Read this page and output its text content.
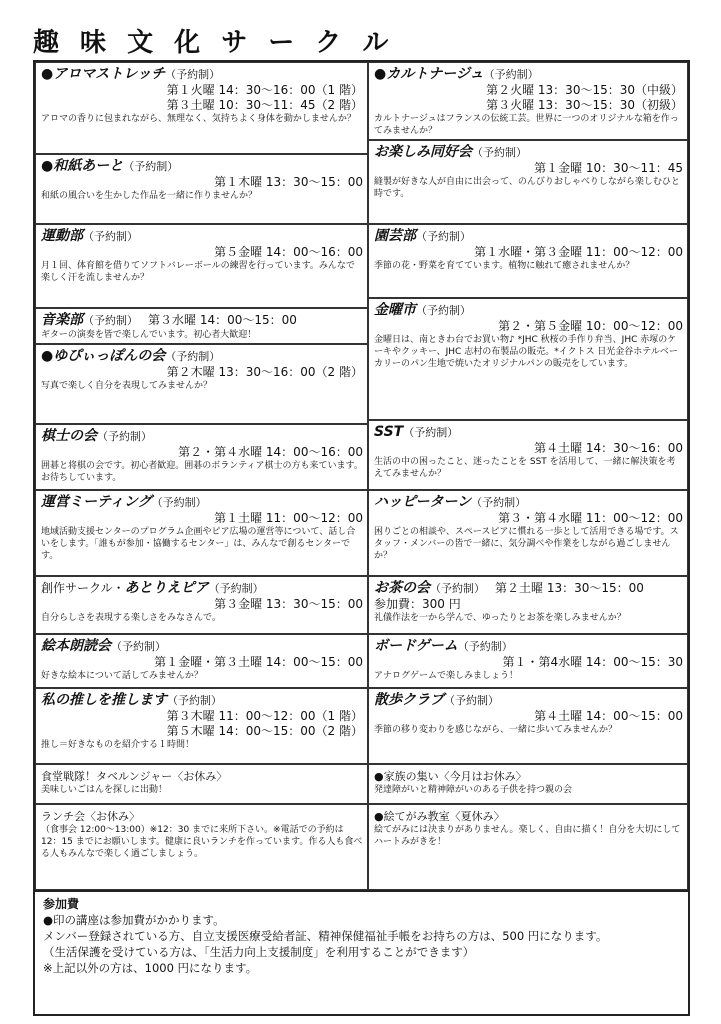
趣 味 文 化 サ ー ク ル
参加費
●印の講座は参加費がかかります。
メンバー登録されている方、自立支援医療受給者証、精神保健福祉手帳をお持ちの方は、500 円になります。
（生活保護を受けている方は、「生活力向上支援制度」を利用することができます）
※上記以外の方は、1000 円になります。
●アロマストレッチ（予約制）
第１火曜 14：30〜16：00（1 階）
第３土曜 10：30〜11：45（2 階）
アロマの香りに包まれながら、無理なく、気持ちよく身体を動かしませんか？
●和紙あーと（予約制）
第１木曜 13：30〜15：00
和紙の風合いを生かした作品を一緒に作りませんか？
運動部（予約制）
第５金曜 14：00〜16：00
月１回、体育館を借りてソフトバレーボールの練習を行っています。みんなで楽しく汗を流しませんか？
音楽部（予約制） 第３水曜 14：00〜15：00
ギターの演奏を皆で楽しんでいます。初心者大歓迎！
●ゆぴぃっぽんの会（予約制）
第２木曜 13：30〜16：00（2 階）
写真で楽しく自分を表現してみませんか？
棋士の会（予約制）
第２・第４水曜 14：00〜16：00
囲碁と将棋の会です。初心者歓迎。囲碁のボランティア棋士の方も来ています。お待ちしています。
運営ミーティング（予約制）
第１土曜 11：00〜12：00
地域活動支援センターのプログラム企画やピア広場の運営等について、話し合いをします。「誰もが参加・協働するセンター」は、みんなで創るセンターです。
創作サークル・あとりえピア（予約制）
第３金曜 13：30〜15：00
自分らしさを表現する楽しさをみなさんで。
絵本朗読会（予約制）
第１金曜・第３土曜 14：00〜15：00
好きな絵本について話してみませんか？
私の推しを推します（予約制）
第３木曜 11：00〜12：00（1 階）
第５木曜 14：00〜15：00（2 階）
推し＝好きなものを紹介する１時間！
食堂戦隊！タベルンジャー〈お休み〉
美味しいごはんを探しに出動！
ランチ会〈お休み〉
（食事会 12:00〜13:00）※12：30 までに来所下さい。※電話での予約は 12：15 までにお願いします。健康に良いランチを作っています。作る人も食べる人もみんなで楽しく過ごしましょう。
●カルトナージュ（予約制）
第２火曜 13：30〜15：30（中級）
第３火曜 13：30〜15：30（初級）
カルトナージュはフランスの伝統工芸。世界に一つのオリジナルな箱を作ってみませんか？
お楽しみ同好会（予約制）
第１金曜 10：30〜11：45
縫製が好きな人が自由に出会って、のんびりおしゃべりしながら楽しむひと時です。
園芸部（予約制）
第１水曜・第３金曜 11：00〜12：00
季節の花・野菜を育てています。植物に触れて癒されませんか？
金曜市（予約制）
第２・第５金曜 10：00〜12：00
金曜日は、南ときわ台でお買い物♪ *JHC 秋桜の手作り弁当、JHC 赤塚のケーキやクッキー、JHC 志村の布製品の販売。*イクトス 日光金谷ホテルベーカリーのパン生地で焼いたオリジナルパンの販売をしています。
SST（予約制）
第４土曜 14：30〜16：00
生活の中の困ったこと、迷ったことを SST を活用して、一緒に解決策を考えてみませんか？
ハッピーターン（予約制）
第３・第４水曜 11：00〜12：00
困りごとの相談や、スペースピアに慣れる一歩として活用できる場です。スタッフ・メンバーの皆で一緒に、気分調べや作業をしながら過ごしませんか？
お茶の会（予約制） 第２土曜 13：30〜15：00
参加費：300 円
礼儀作法を一から学んで、ゆったりとお茶を楽しみませんか？
ボードゲーム（予約制）
第１・第4水曜 14：00〜15：30
アナログゲームで楽しみましょう！
散歩クラブ（予約制）
第４土曜 14：00〜15：00
季節の移り変わりを感じながら、一緒に歩いてみませんか？
●家族の集い〈今月はお休み〉
発達障がいと精神障がいのある子供を持つ親の会
●絵てがみ教室〈夏休み〉
絵てがみには決まりがありません。楽しく、自由に描く！自分を大切にしてハートみがきを！
